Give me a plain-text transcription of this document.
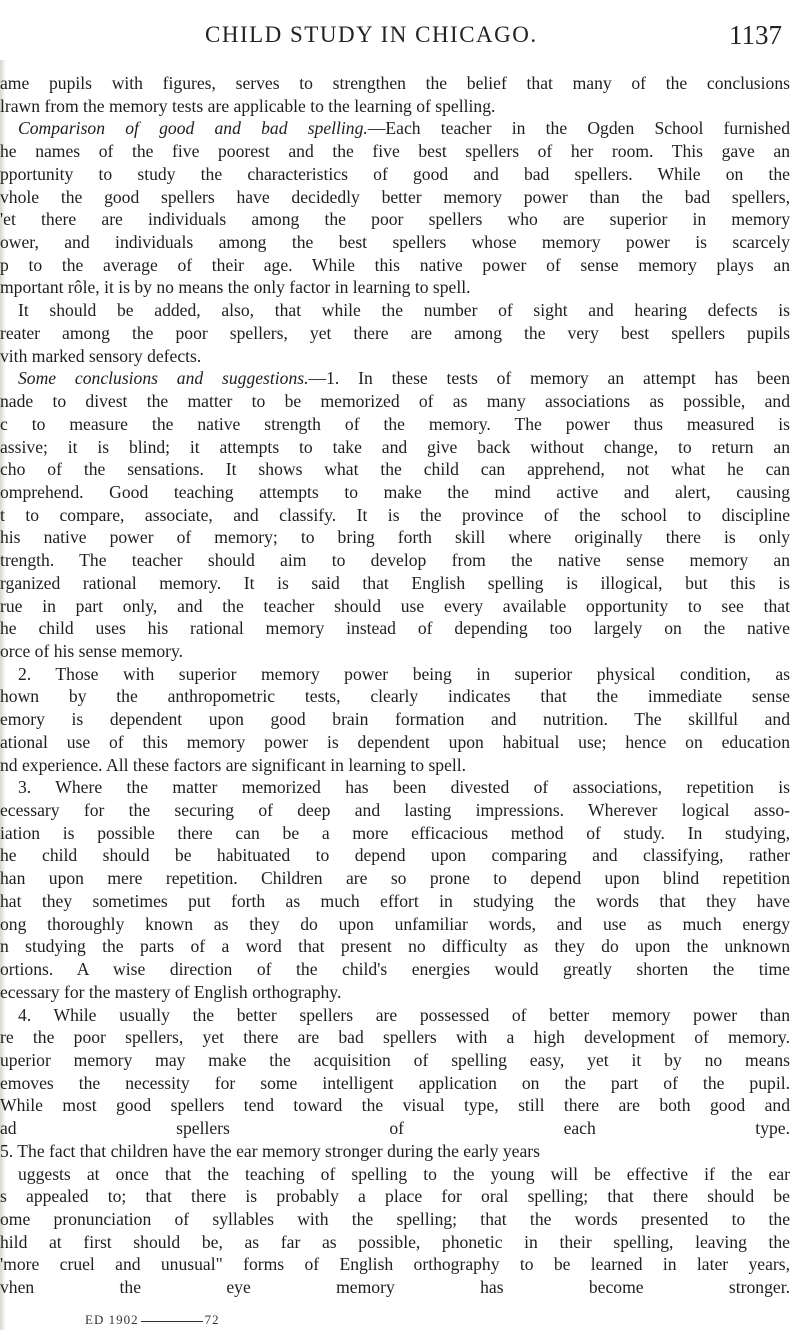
CHILD STUDY IN CHICAGO.	1137
ame pupils with figures, serves to strengthen the belief that many of the conclusions
lrawn from the memory tests are applicable to the learning of spelling.
Comparison of good and bad spelling.—Each teacher in the Ogden School furnished
he names of the five poorest and the five best spellers of her room. This gave an
pportunity to study the characteristics of good and bad spellers. While on the
vhole the good spellers have decidedly better memory power than the bad spellers,
'et there are individuals among the poor spellers who are superior in memory
ower, and individuals among the best spellers whose memory power is scarcely
p to the average of their age. While this native power of sense memory plays an
mportant rôle, it is by no means the only factor in learning to spell.
It should be added, also, that while the number of sight and hearing defects is
reater among the poor spellers, yet there are among the very best spellers pupils
vith marked sensory defects.
Some conclusions and suggestions.—1. In these tests of memory an attempt has been
nade to divest the matter to be memorized of as many associations as possible, and
c to measure the native strength of the memory. The power thus measured is
assive; it is blind; it attempts to take and give back without change, to return an
cho of the sensations. It shows what the child can apprehend, not what he can
omprehend. Good teaching attempts to make the mind active and alert, causing
t to compare, associate, and classify. It is the province of the school to discipline
his native power of memory; to bring forth skill where originally there is only
trength. The teacher should aim to develop from the native sense memory an
rganized rational memory. It is said that English spelling is illogical, but this is
rue in part only, and the teacher should use every available opportunity to see that
he child uses his rational memory instead of depending too largely on the native
orce of his sense memory.
2. Those with superior memory power being in superior physical condition, as
hown by the anthropometric tests, clearly indicates that the immediate sense
emory is dependent upon good brain formation and nutrition. The skillful and
ational use of this memory power is dependent upon habitual use; hence on education
nd experience. All these factors are significant in learning to spell.
3. Where the matter memorized has been divested of associations, repetition is
ecessary for the securing of deep and lasting impressions. Wherever logical asso-
iation is possible there can be a more efficacious method of study. In studying,
he child should be habituated to depend upon comparing and classifying, rather
han upon mere repetition. Children are so prone to depend upon blind repetition
hat they sometimes put forth as much effort in studying the words that they have
ong thoroughly known as they do upon unfamiliar words, and use as much energy
n studying the parts of a word that present no difficulty as they do upon the unknown
ortions. A wise direction of the child's energies would greatly shorten the time
ecessary for the mastery of English orthography.
4. While usually the better spellers are possessed of better memory power than
re the poor spellers, yet there are bad spellers with a high development of memory.
uperior memory may make the acquisition of spelling easy, yet it by no means
emoves the necessity for some intelligent application on the part of the pupil.
While most good spellers tend toward the visual type, still there are both good and
ad spellers of each type.
5. The fact that children have the ear memory stronger during the early years
uggests at once that the teaching of spelling to the young will be effective if the ear
s appealed to; that there is probably a place for oral spelling; that there should be
ome pronunciation of syllables with the spelling; that the words presented to the
hild at first should be, as far as possible, phonetic in their spelling, leaving the
'more cruel and unusual" forms of English orthography to be learned in later years,
vhen the eye memory has become stronger.
ED 1902	72
